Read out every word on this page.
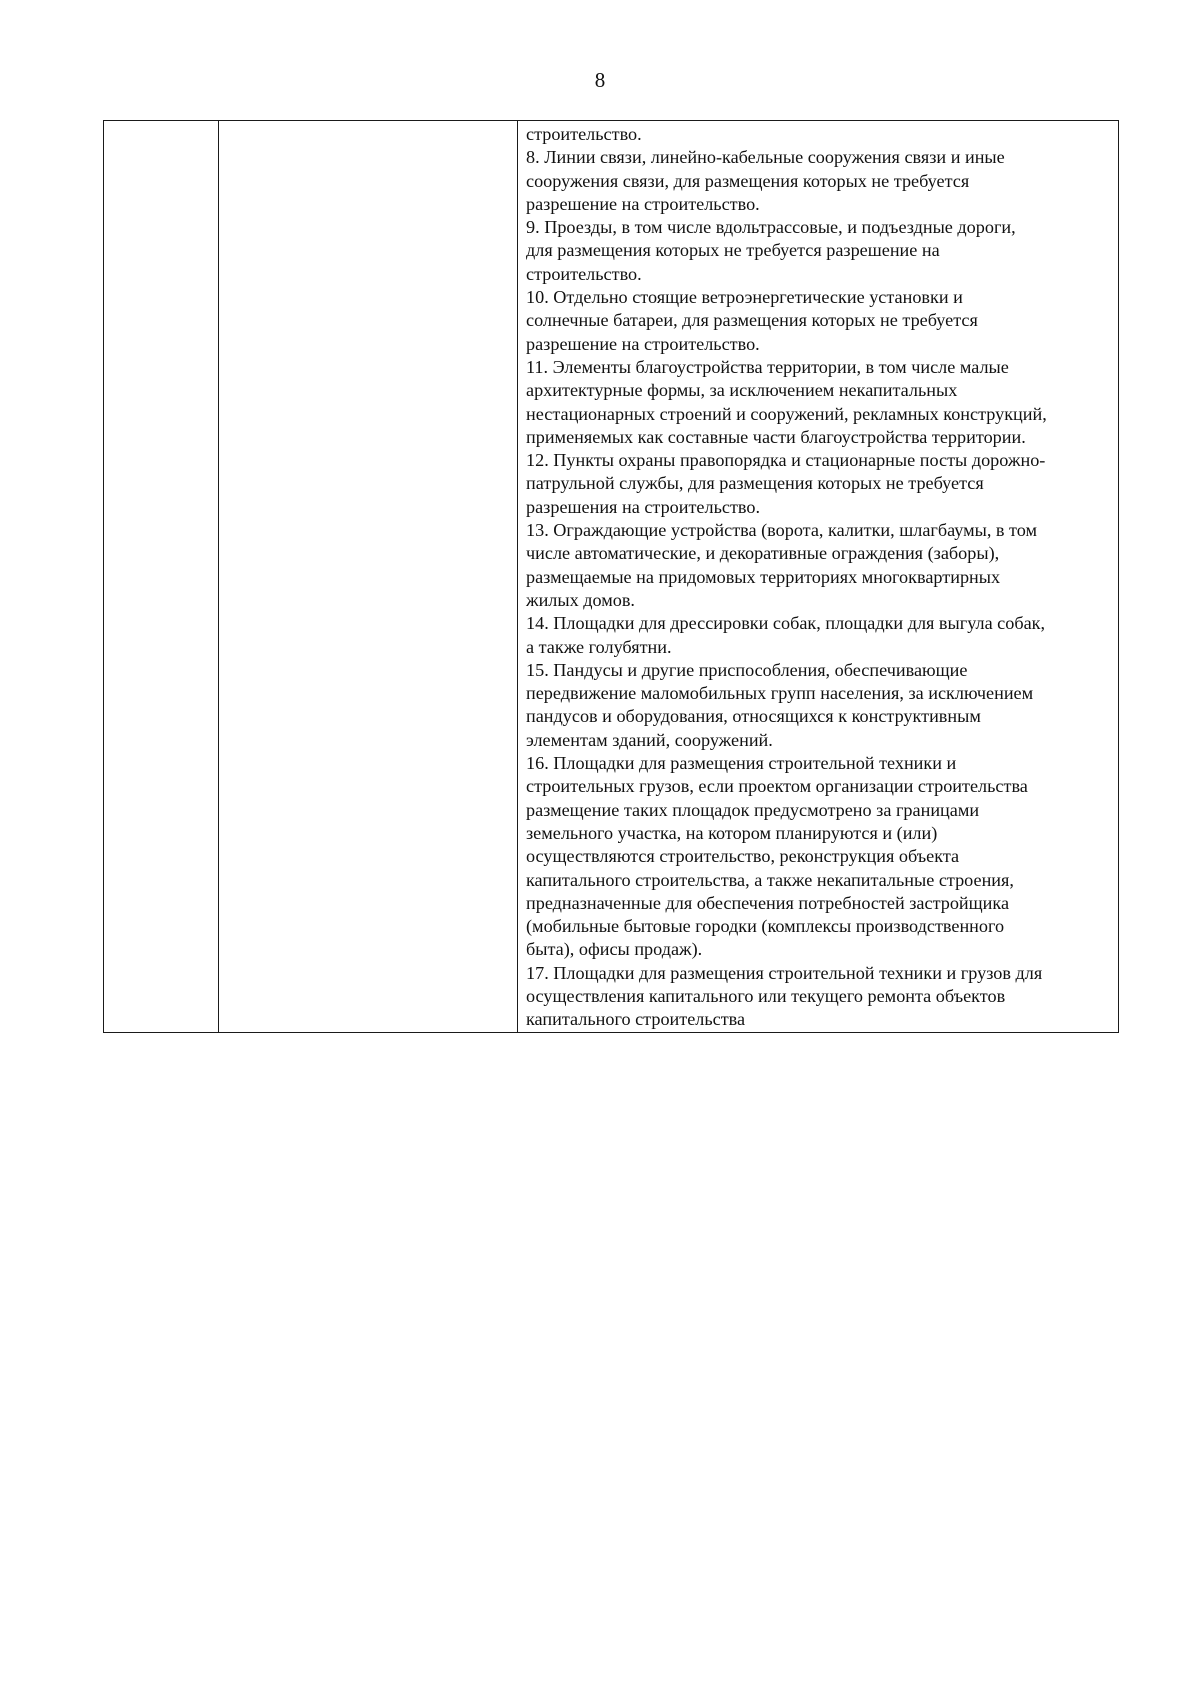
8

строительство.

8. Линии связи, линейно-кабельные сооружения связи и иные

сооружения связи, для размещения которых не требуется

разрешение на строительство.

9. Проезды, в том числе вдольтрассовые, и подъездные дороги,

для размещения которых не требуется разрешение на

строительство.

10. Отдельно стоящие ветроэнергетические установки и

солнечные батареи, для размещения которых не требуется

разрешение на строительство.

11. Элементы благоустройства территории, в том числе малые

архитектурные формы, за исключением некапитальных

нестационарных строений и сооружений, рекламных конструкций,

применяемых как составные части благоустройства территории.

12. Пункты охраны правопорядка и стационарные посты дорожно-

патрульной службы, для размещения которых не требуется

разрешения на строительство.

13. Ограждающие устройства (ворота, калитки, шлагбаумы, в том

числе автоматические, и декоративные ограждения (заборы),

размещаемые на придомовых территориях многоквартирных

жилых домов.

14. Площадки для дрессировки собак, площадки для выгула собак,

а также голубятни.

15. Пандусы и другие приспособления, обеспечивающие

передвижение маломобильных групп населения, за исключением

пандусов и оборудования, относящихся к конструктивным

элементам зданий, сооружений.

16. Площадки для размещения строительной техники и

строительных грузов, если проектом организации строительства

размещение таких площадок предусмотрено за границами

земельного участка, на котором планируются и (или)

осуществляются строительство, реконструкция объекта

капитального строительства, а также некапитальные строения,

предназначенные для обеспечения потребностей застройщика

(мобильные бытовые городки (комплексы производственного

быта), офисы продаж).

17. Площадки для размещения строительной техники и грузов для

осуществления капитального или текущего ремонта объектов

капитального строительства
